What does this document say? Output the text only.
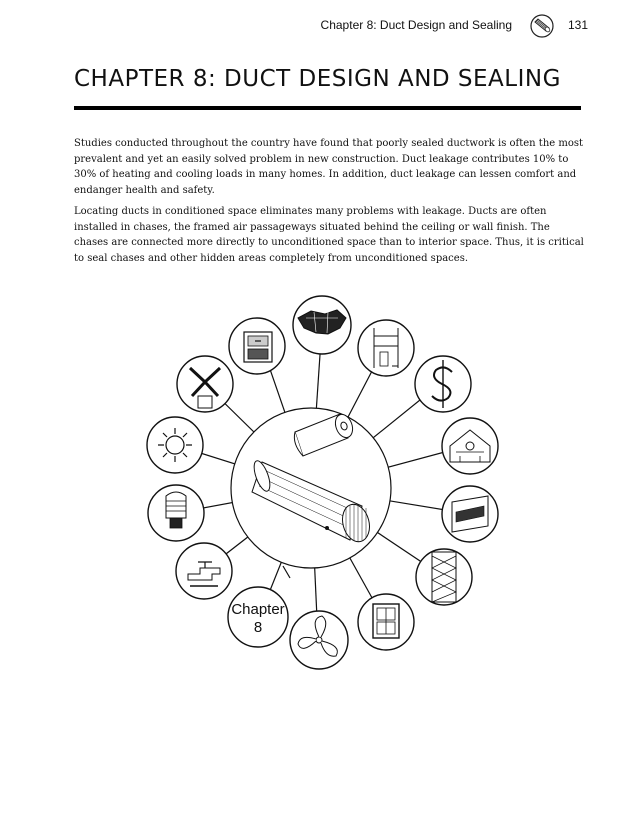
Chapter 8: Duct Design and Sealing	131
CHAPTER 8: DUCT DESIGN AND SEALING

Studies conducted throughout the country have found that poorly sealed ductwork is often the most prevalent and yet an easily solved problem in new construction. Duct leakage contributes 10% to 30% of heating and cooling loads in many homes. In addition, duct leakage can lessen comfort and endanger health and safety.

Locating ducts in conditioned space eliminates many problems with leakage. Ducts are often installed in chases, the framed air passageways situated behind the ceiling or wall finish. The chases are connected more directly to unconditioned space than to interior space. Thus, it is critical to seal chases and other hidden areas completely from unconditioned spaces.

Chapter
8
